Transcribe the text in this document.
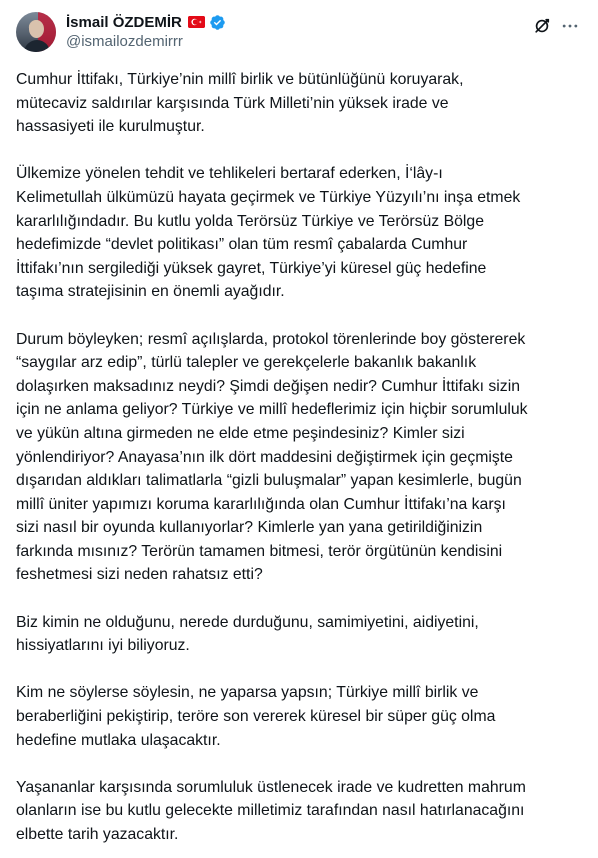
İsmail ÖZDEMİR
@ismailozdemirrr

Cumhur İttifakı, Türkiye’nin millî birlik ve bütünlüğünü koruyarak,
mütecaviz saldırılar karşısında Türk Milleti’nin yüksek irade ve
hassasiyeti ile kurulmuştur.

Ülkemize yönelen tehdit ve tehlikeleri bertaraf ederken, İ‘lây-ı
Kelimetullah ülkümüzü hayata geçirmek ve Türkiye Yüzyılı’nı inşa etmek
kararlılığındadır. Bu kutlu yolda Terörsüz Türkiye ve Terörsüz Bölge
hedefimizde “devlet politikası” olan tüm resmî çabalarda Cumhur
İttifakı’nın sergilediği yüksek gayret, Türkiye’yi küresel güç hedefine
taşıma stratejisinin en önemli ayağıdır.

Durum böyleyken; resmî açılışlarda, protokol törenlerinde boy göstererek
“saygılar arz edip”, türlü talepler ve gerekçelerle bakanlık bakanlık
dolaşırken maksadınız neydi? Şimdi değişen nedir? Cumhur İttifakı sizin
için ne anlama geliyor? Türkiye ve millî hedeflerimiz için hiçbir sorumluluk
ve yükün altına girmeden ne elde etme peşindesiniz? Kimler sizi
yönlendiriyor? Anayasa’nın ilk dört maddesini değiştirmek için geçmişte
dışarıdan aldıkları talimatlarla “gizli buluşmalar” yapan kesimlerle, bugün
millî üniter yapımızı koruma kararlılığında olan Cumhur İttifakı’na karşı
sizi nasıl bir oyunda kullanıyorlar? Kimlerle yan yana getirildiğinizin
farkında mısınız? Terörün tamamen bitmesi, terör örgütünün kendisini
feshetmesi sizi neden rahatsız etti?

Biz kimin ne olduğunu, nerede durduğunu, samimiyetini, aidiyetini,
hissiyatlarını iyi biliyoruz.

Kim ne söylerse söylesin, ne yaparsa yapsın; Türkiye millî birlik ve
beraberliğini pekiştirip, teröre son vererek küresel bir süper güç olma
hedefine mutlaka ulaşacaktır.

Yaşananlar karşısında sorumluluk üstlenecek irade ve kudretten mahrum
olanların ise bu kutlu gelecekte milletimiz tarafından nasıl hatırlanacağını
elbette tarih yazacaktır.
